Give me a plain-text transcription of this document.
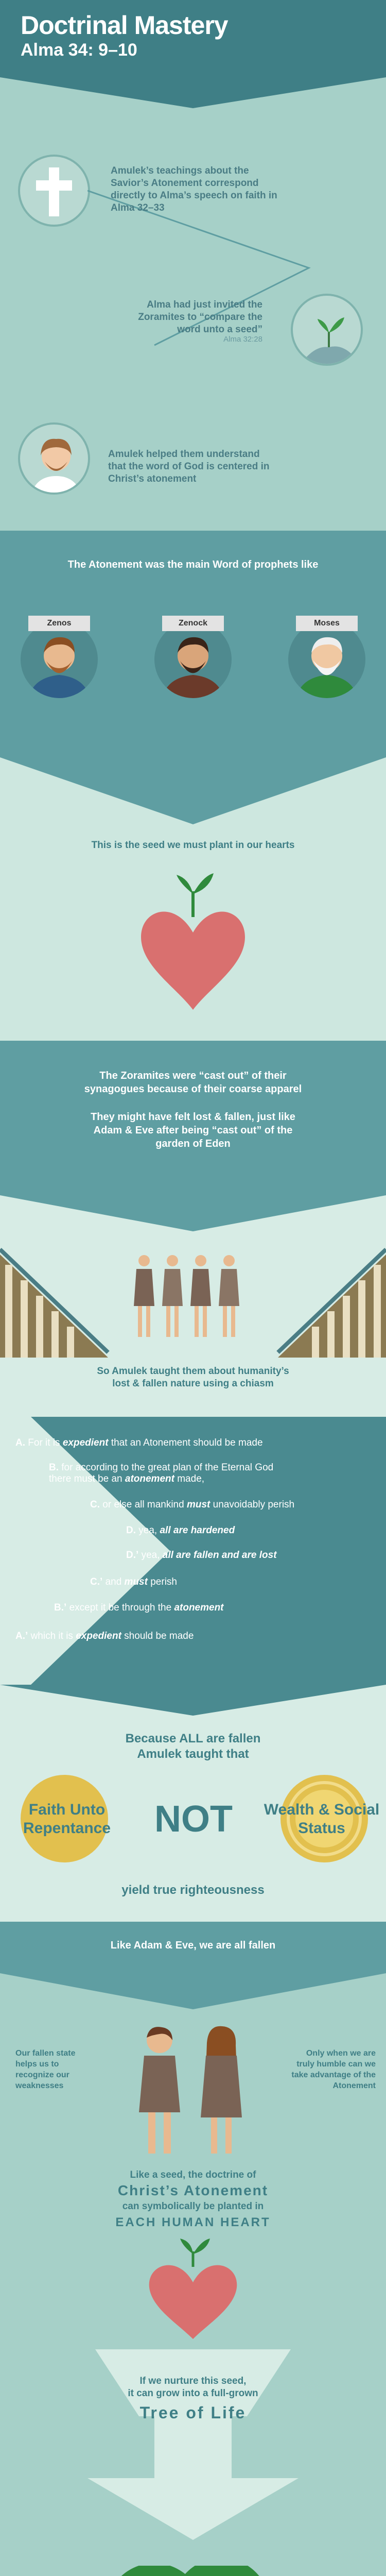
Doctrinal Mastery
Alma 34: 9–10
Amulek’s teachings about the Savior’s Atonement correspond directly to Alma’s speech on faith in Alma 32–33
Alma had just invited the Zoramites to “compare the word unto a seed”
Alma 32:28
Amulek helped them understand that the word of God is centered in Christ’s atonement
The Atonement was the main Word of prophets like
Zenos	Zenock	Moses
This is the seed we must plant in our hearts
The Zoramites were “cast out” of their synagogues because of their coarse apparel
They might have felt lost & fallen, just like Adam & Eve after being “cast out” of the garden of Eden
So Amulek taught them about humanity’s lost & fallen nature using a chiasm
A. For it is expedient that an Atonement should be made
B. for according to the great plan of the Eternal God
there must be an atonement made,
C. or else all mankind must unavoidably perish
D. yea, all are hardened
D.’ yea, all are fallen and are lost
C.’ and must perish
B.’ except it be through the atonement
A.’ which it is expedient should be made
Because ALL are fallen Amulek taught that
Faith Unto Repentance	NOT Wealth & Social Status
yield true righteousness
Like Adam & Eve, we are all fallen
Our fallen state helps us to recognize our weaknesses
Only when we are truly humble can we take advantage of the Atonement
Like a seed, the doctrine of
Christ’s Atonement
can symbolically be planted in
EACH HUMAN HEART
If we nurture this seed,
it can grow into a full-grown
Tree of Life
